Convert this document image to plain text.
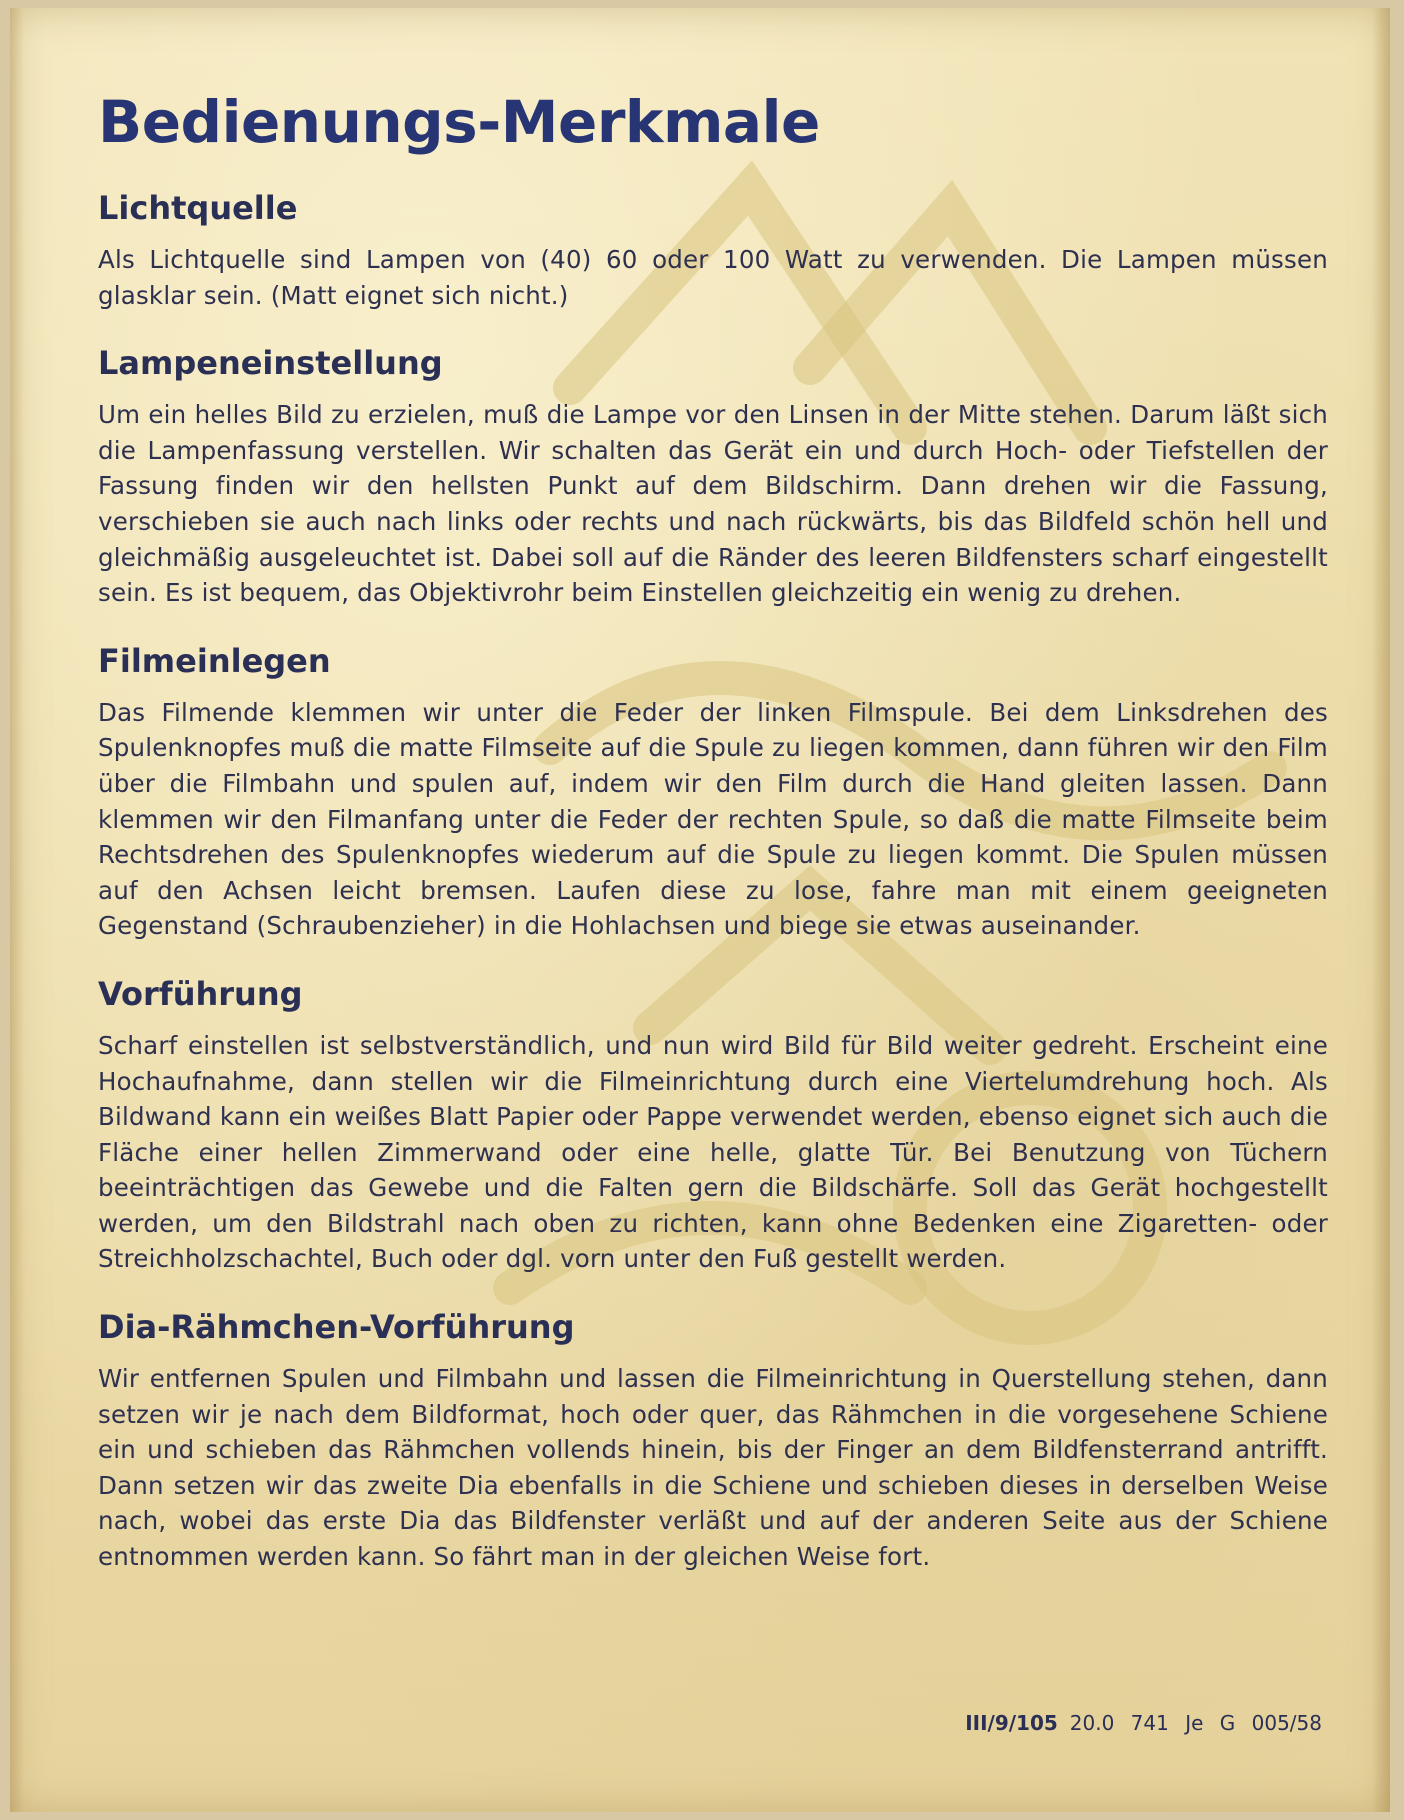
Bedienungs-Merkmale
Lichtquelle

Als Lichtquelle sind Lampen von (40) 60 oder 100 Watt zu verwenden. Die Lampen müssen glasklar sein. (Matt eignet sich nicht.)

Lampeneinstellung

Um ein helles Bild zu erzielen, muß die Lampe vor den Linsen in der Mitte stehen. Darum läßt sich die Lampenfassung verstellen. Wir schalten das Gerät ein und durch Hoch- oder Tiefstellen der Fassung finden wir den hellsten Punkt auf dem Bildschirm. Dann drehen wir die Fassung, verschieben sie auch nach links oder rechts und nach rückwärts, bis das Bildfeld schön hell und gleichmäßig ausgeleuchtet ist. Dabei soll auf die Ränder des leeren Bildfensters scharf eingestellt sein. Es ist bequem, das Objektivrohr beim Einstellen gleichzeitig ein wenig zu drehen.

Filmeinlegen

Das Filmende klemmen wir unter die Feder der linken Filmspule. Bei dem Linksdrehen des Spulenknopfes muß die matte Filmseite auf die Spule zu liegen kommen, dann führen wir den Film über die Filmbahn und spulen auf, indem wir den Film durch die Hand gleiten lassen. Dann klemmen wir den Filmanfang unter die Feder der rechten Spule, so daß die matte Filmseite beim Rechtsdrehen des Spulenknopfes wiederum auf die Spule zu liegen kommt. Die Spulen müssen auf den Achsen leicht bremsen. Laufen diese zu lose, fahre man mit einem geeigneten Gegenstand (Schraubenzieher) in die Hohlachsen und biege sie etwas auseinander.

Vorführung

Scharf einstellen ist selbstverständlich, und nun wird Bild für Bild weiter gedreht. Erscheint eine Hochaufnahme, dann stellen wir die Filmeinrichtung durch eine Viertelumdrehung hoch. Als Bildwand kann ein weißes Blatt Papier oder Pappe verwendet werden, ebenso eignet sich auch die Fläche einer hellen Zimmerwand oder eine helle, glatte Tür. Bei Benutzung von Tüchern beeinträchtigen das Gewebe und die Falten gern die Bildschärfe. Soll das Gerät hochgestellt werden, um den Bildstrahl nach oben zu richten, kann ohne Bedenken eine Zigaretten- oder Streichholzschachtel, Buch oder dgl. vorn unter den Fuß gestellt werden.

Dia-Rähmchen-Vorführung

Wir entfernen Spulen und Filmbahn und lassen die Filmeinrichtung in Querstellung stehen, dann setzen wir je nach dem Bildformat, hoch oder quer, das Rähmchen in die vorgesehene Schiene ein und schieben das Rähmchen vollends hinein, bis der Finger an dem Bildfensterrand antrifft. Dann setzen wir das zweite Dia ebenfalls in die Schiene und schieben dieses in derselben Weise nach, wobei das erste Dia das Bildfenster verläßt und auf der anderen Seite aus der Schiene entnommen werden kann. So fährt man in der gleichen Weise fort.

III/9/105 20.0 741 Je G 005/58
